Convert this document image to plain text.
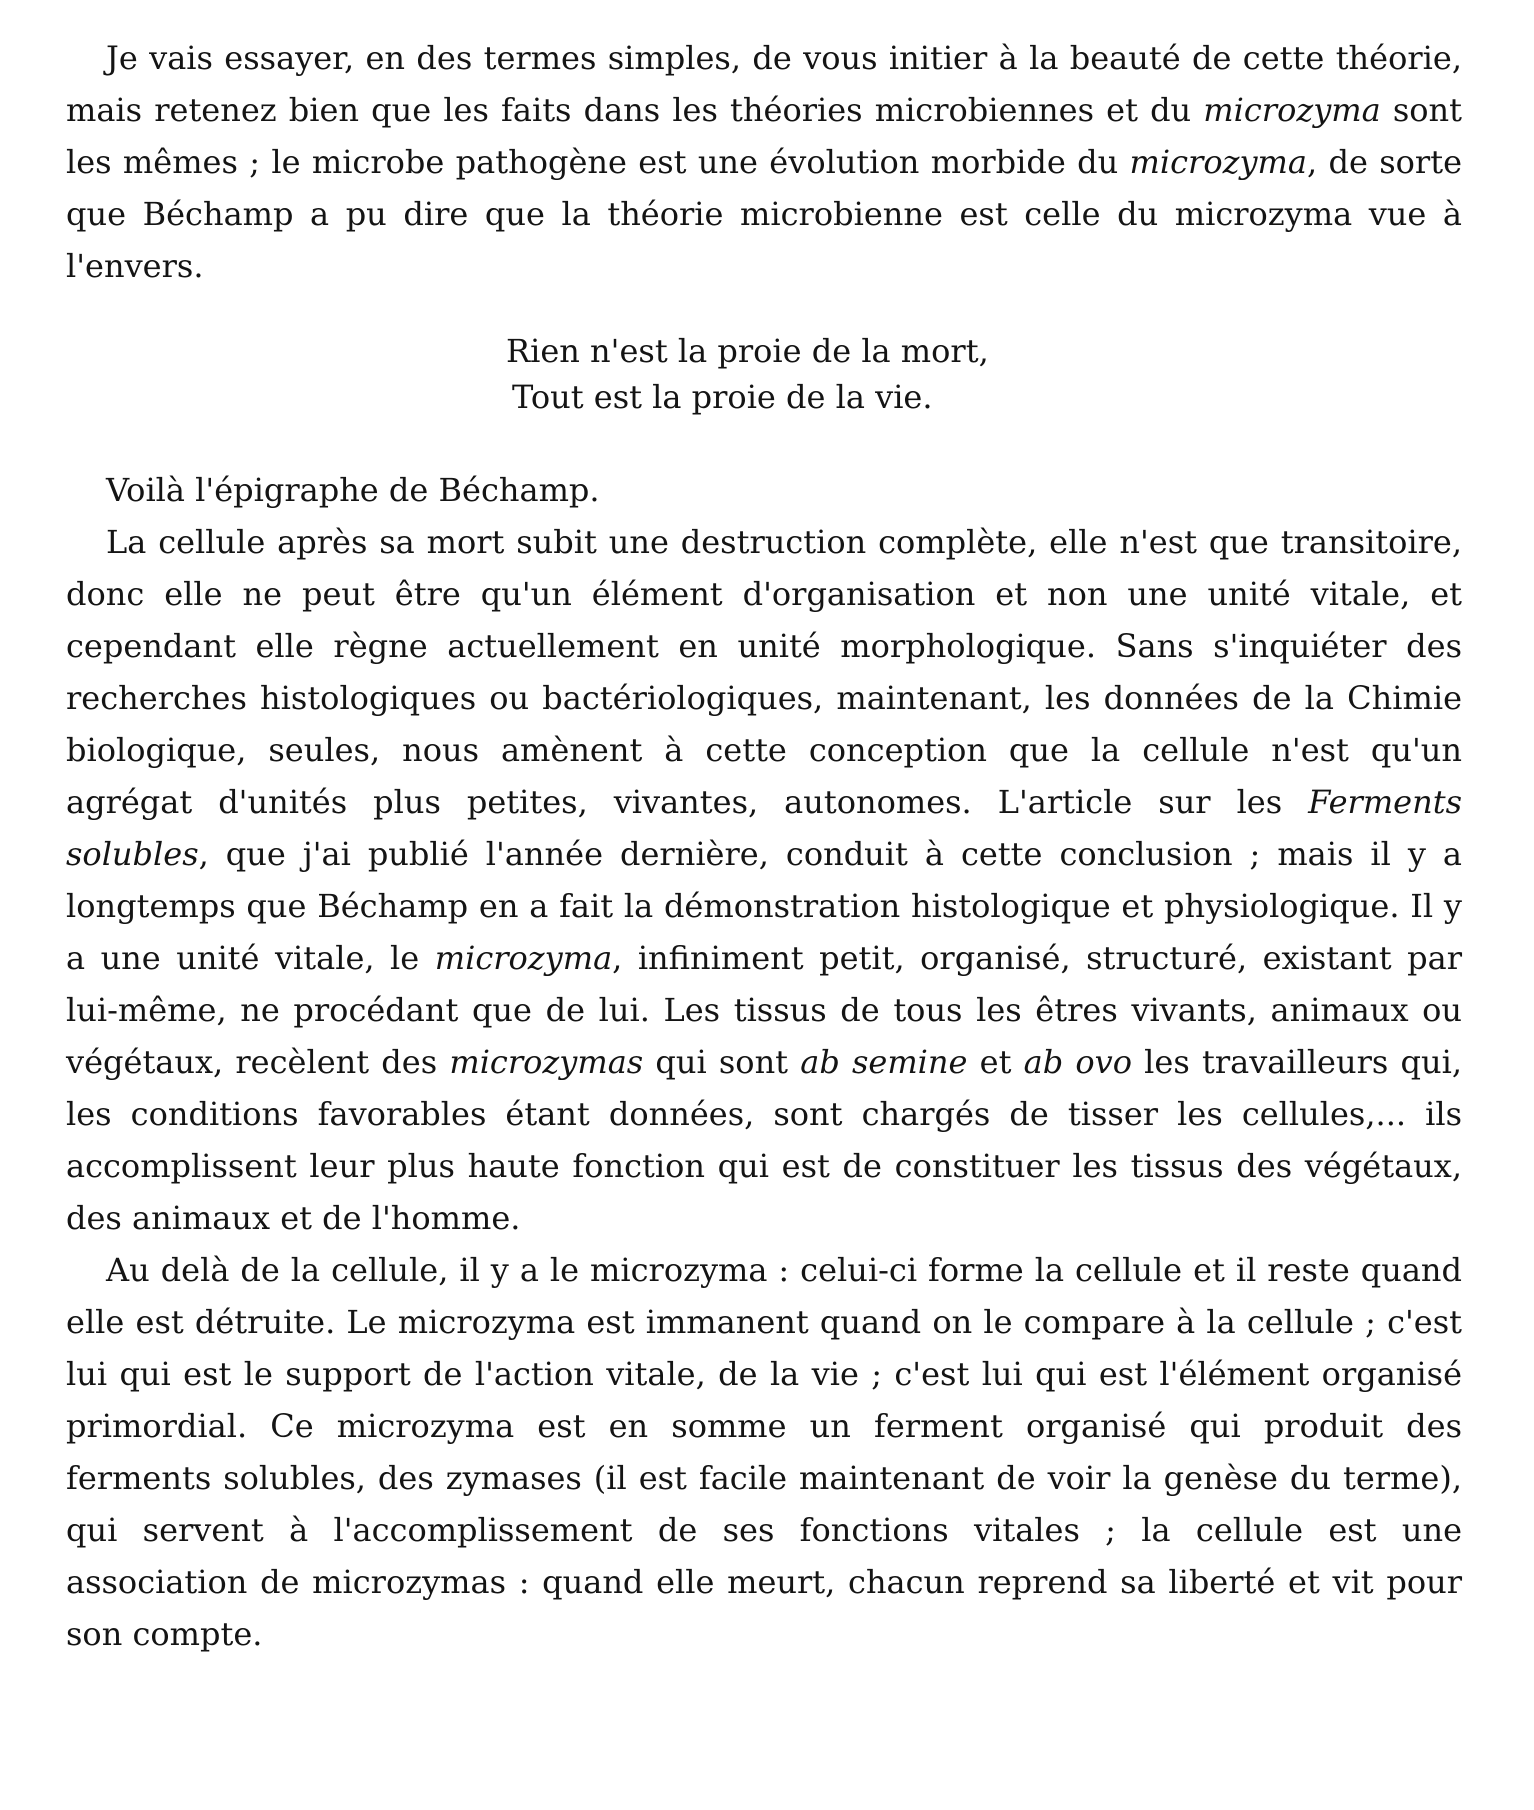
Je vais essayer, en des termes simples, de vous initier à la beauté de cette théorie, mais retenez bien que les faits dans les théories microbiennes et du microzyma sont les mêmes ; le microbe pathogène est une évolution morbide du microzyma, de sorte que Béchamp a pu dire que la théorie microbienne est celle du microzyma vue à l'envers.

Rien n'est la proie de la mort,
Tout est la proie de la vie.

Voilà l'épigraphe de Béchamp.

La cellule après sa mort subit une destruction complète, elle n'est que transitoire, donc elle ne peut être qu'un élément d'organisation et non une unité vitale, et cependant elle règne actuellement en unité morphologique. Sans s'inquiéter des recherches histologiques ou bactériologiques, maintenant, les données de la Chimie biologique, seules, nous amènent à cette conception que la cellule n'est qu'un agrégat d'unités plus petites, vivantes, autonomes. L'article sur les Ferments solubles, que j'ai publié l'année dernière, conduit à cette conclusion ; mais il y a longtemps que Béchamp en a fait la démonstration histologique et physiologique. Il y a une unité vitale, le microzyma, infiniment petit, organisé, structuré, existant par lui-même, ne procédant que de lui. Les tissus de tous les êtres vivants, animaux ou végétaux, recèlent des microzymas qui sont ab semine et ab ovo les travailleurs qui, les conditions favorables étant données, sont chargés de tisser les cellules,... ils accomplissent leur plus haute fonction qui est de constituer les tissus des végétaux, des animaux et de l'homme.

Au delà de la cellule, il y a le microzyma : celui-ci forme la cellule et il reste quand elle est détruite. Le microzyma est immanent quand on le compare à la cellule ; c'est lui qui est le support de l'action vitale, de la vie ; c'est lui qui est l'élément organisé primordial. Ce microzyma est en somme un ferment organisé qui produit des ferments solubles, des zymases (il est facile maintenant de voir la genèse du terme), qui servent à l'accomplissement de ses fonctions vitales ; la cellule est une association de microzymas : quand elle meurt, chacun reprend sa liberté et vit pour son compte.
